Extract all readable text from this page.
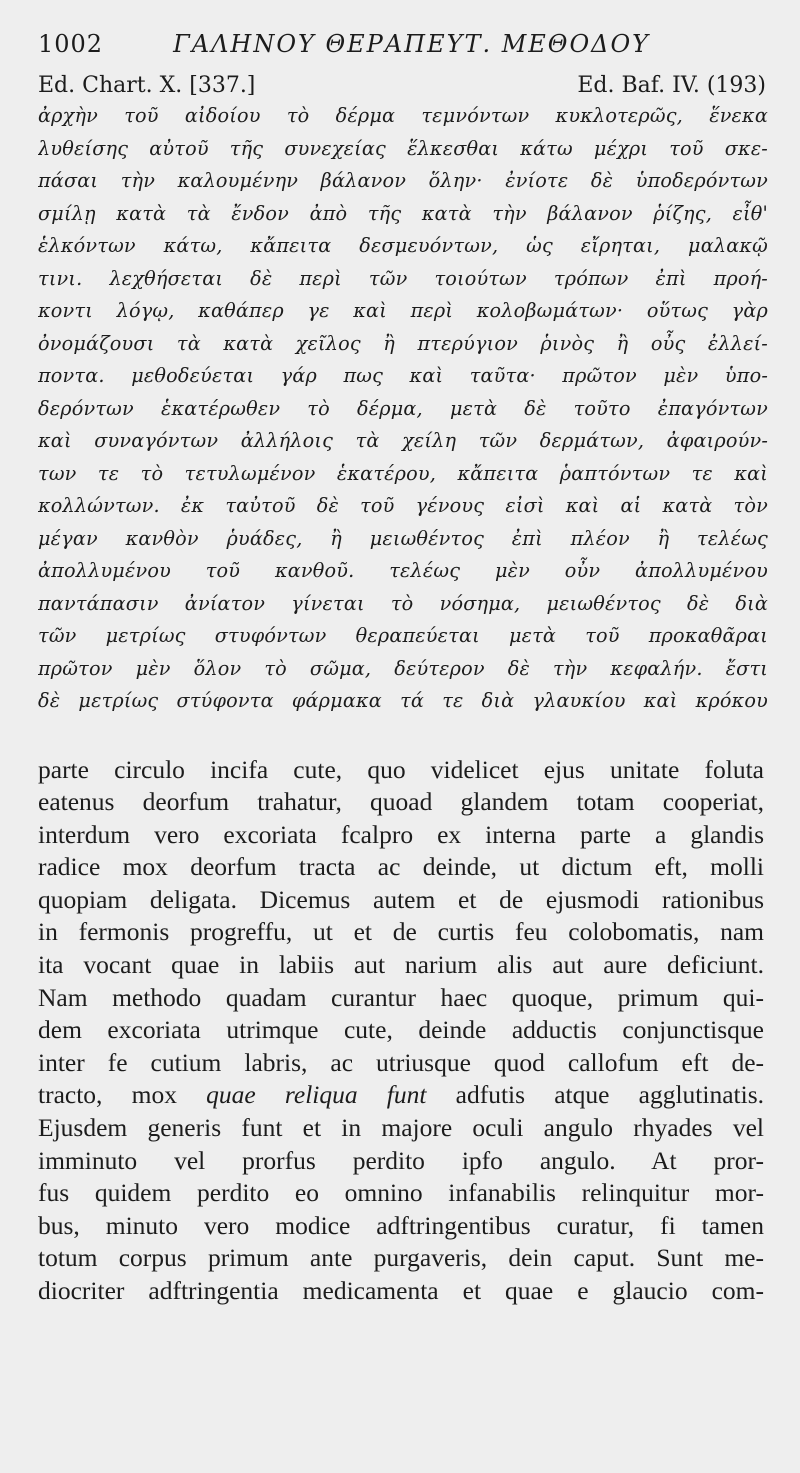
1002	ΓΑΛΗΝΟΥ ΘΕΡΑΠΕΥΤ. ΜΕΘΟΔΟΥ
Ed. Chart. X. [337.]	Ed. Baf. IV. (193)
ἀρχὴν τοῦ αἰδοίου τὸ δέρμα τεμνόντων κυκλοτερῶς, ἕνεκα
λυθείσης αὐτοῦ τῆς συνεχείας ἕλκεσθαι κάτω μέχρι τοῦ σκε-
πάσαι τὴν καλουμένην βάλανον ὅλην· ἐνίοτε δὲ ὑποδερόντων
σμίλῃ κατὰ τὰ ἔνδον ἀπὸ τῆς κατὰ τὴν βάλανον ῥίζης, εἶθ'
ἑλκόντων κάτω, κἄπειτα δεσμευόντων, ὡς εἴρηται, μαλακῷ
τινι. λεχθήσεται δὲ περὶ τῶν τοιούτων τρόπων ἐπὶ προή-
κοντι λόγῳ, καθάπερ γε καὶ περὶ κολοβωμάτων· οὕτως γὰρ
ὀνομάζουσι τὰ κατὰ χεῖλος ἢ πτερύγιον ῥινὸς ἢ οὖς ἐλλεί-
ποντα. μεθοδεύεται γάρ πως καὶ ταῦτα· πρῶτον μὲν ὑπο-
δερόντων ἑκατέρωθεν τὸ δέρμα, μετὰ δὲ τοῦτο ἐπαγόντων
καὶ συναγόντων ἀλλήλοις τὰ χείλη τῶν δερμάτων, ἀφαιρούν-
των τε τὸ τετυλωμένον ἑκατέρου, κἄπειτα ῥαπτόντων τε καὶ
κολλώντων. ἐκ ταὐτοῦ δὲ τοῦ γένους εἰσὶ καὶ αἱ κατὰ τὸν
μέγαν κανθὸν ῥυάδες, ἢ μειωθέντος ἐπὶ πλέον ἢ τελέως
ἀπολλυμένου τοῦ κανθοῦ. τελέως μὲν οὖν ἀπολλυμένου
παντάπασιν ἀνίατον γίνεται τὸ νόσημα, μειωθέντος δὲ διὰ
τῶν μετρίως στυφόντων θεραπεύεται μετὰ τοῦ προκαθᾶραι
πρῶτον μὲν ὅλον τὸ σῶμα, δεύτερον δὲ τὴν κεφαλήν. ἔστι
δὲ μετρίως στύφοντα φάρμακα τά τε διὰ γλαυκίου καὶ κρόκου
parte circulo incifa cute, quo videlicet ejus unitate foluta
eatenus deorfum trahatur, quoad glandem totam cooperiat,
interdum vero excoriata fcalpro ex interna parte a glandis
radice mox deorfum tracta ac deinde, ut dictum eft, molli
quopiam deligata. Dicemus autem et de ejusmodi rationibus
in fermonis progreffu, ut et de curtis feu colobomatis, nam
ita vocant quae in labiis aut narium alis aut aure deficiunt.
Nam methodo quadam curantur haec quoque, primum qui-
dem excoriata utrimque cute, deinde adductis conjunctisque
inter fe cutium labris, ac utriusque quod callofum eft de-
tracto, mox quae reliqua funt adfutis atque agglutinatis.
Ejusdem generis funt et in majore oculi angulo rhyades vel
imminuto vel prorfus perdito ipfo angulo. At pror-
fus quidem perdito eo omnino infanabilis relinquitur mor-
bus, minuto vero modice adftringentibus curatur, fi tamen
totum corpus primum ante purgaveris, dein caput. Sunt me-
diocriter adftringentia medicamenta et quae e glaucio com-
